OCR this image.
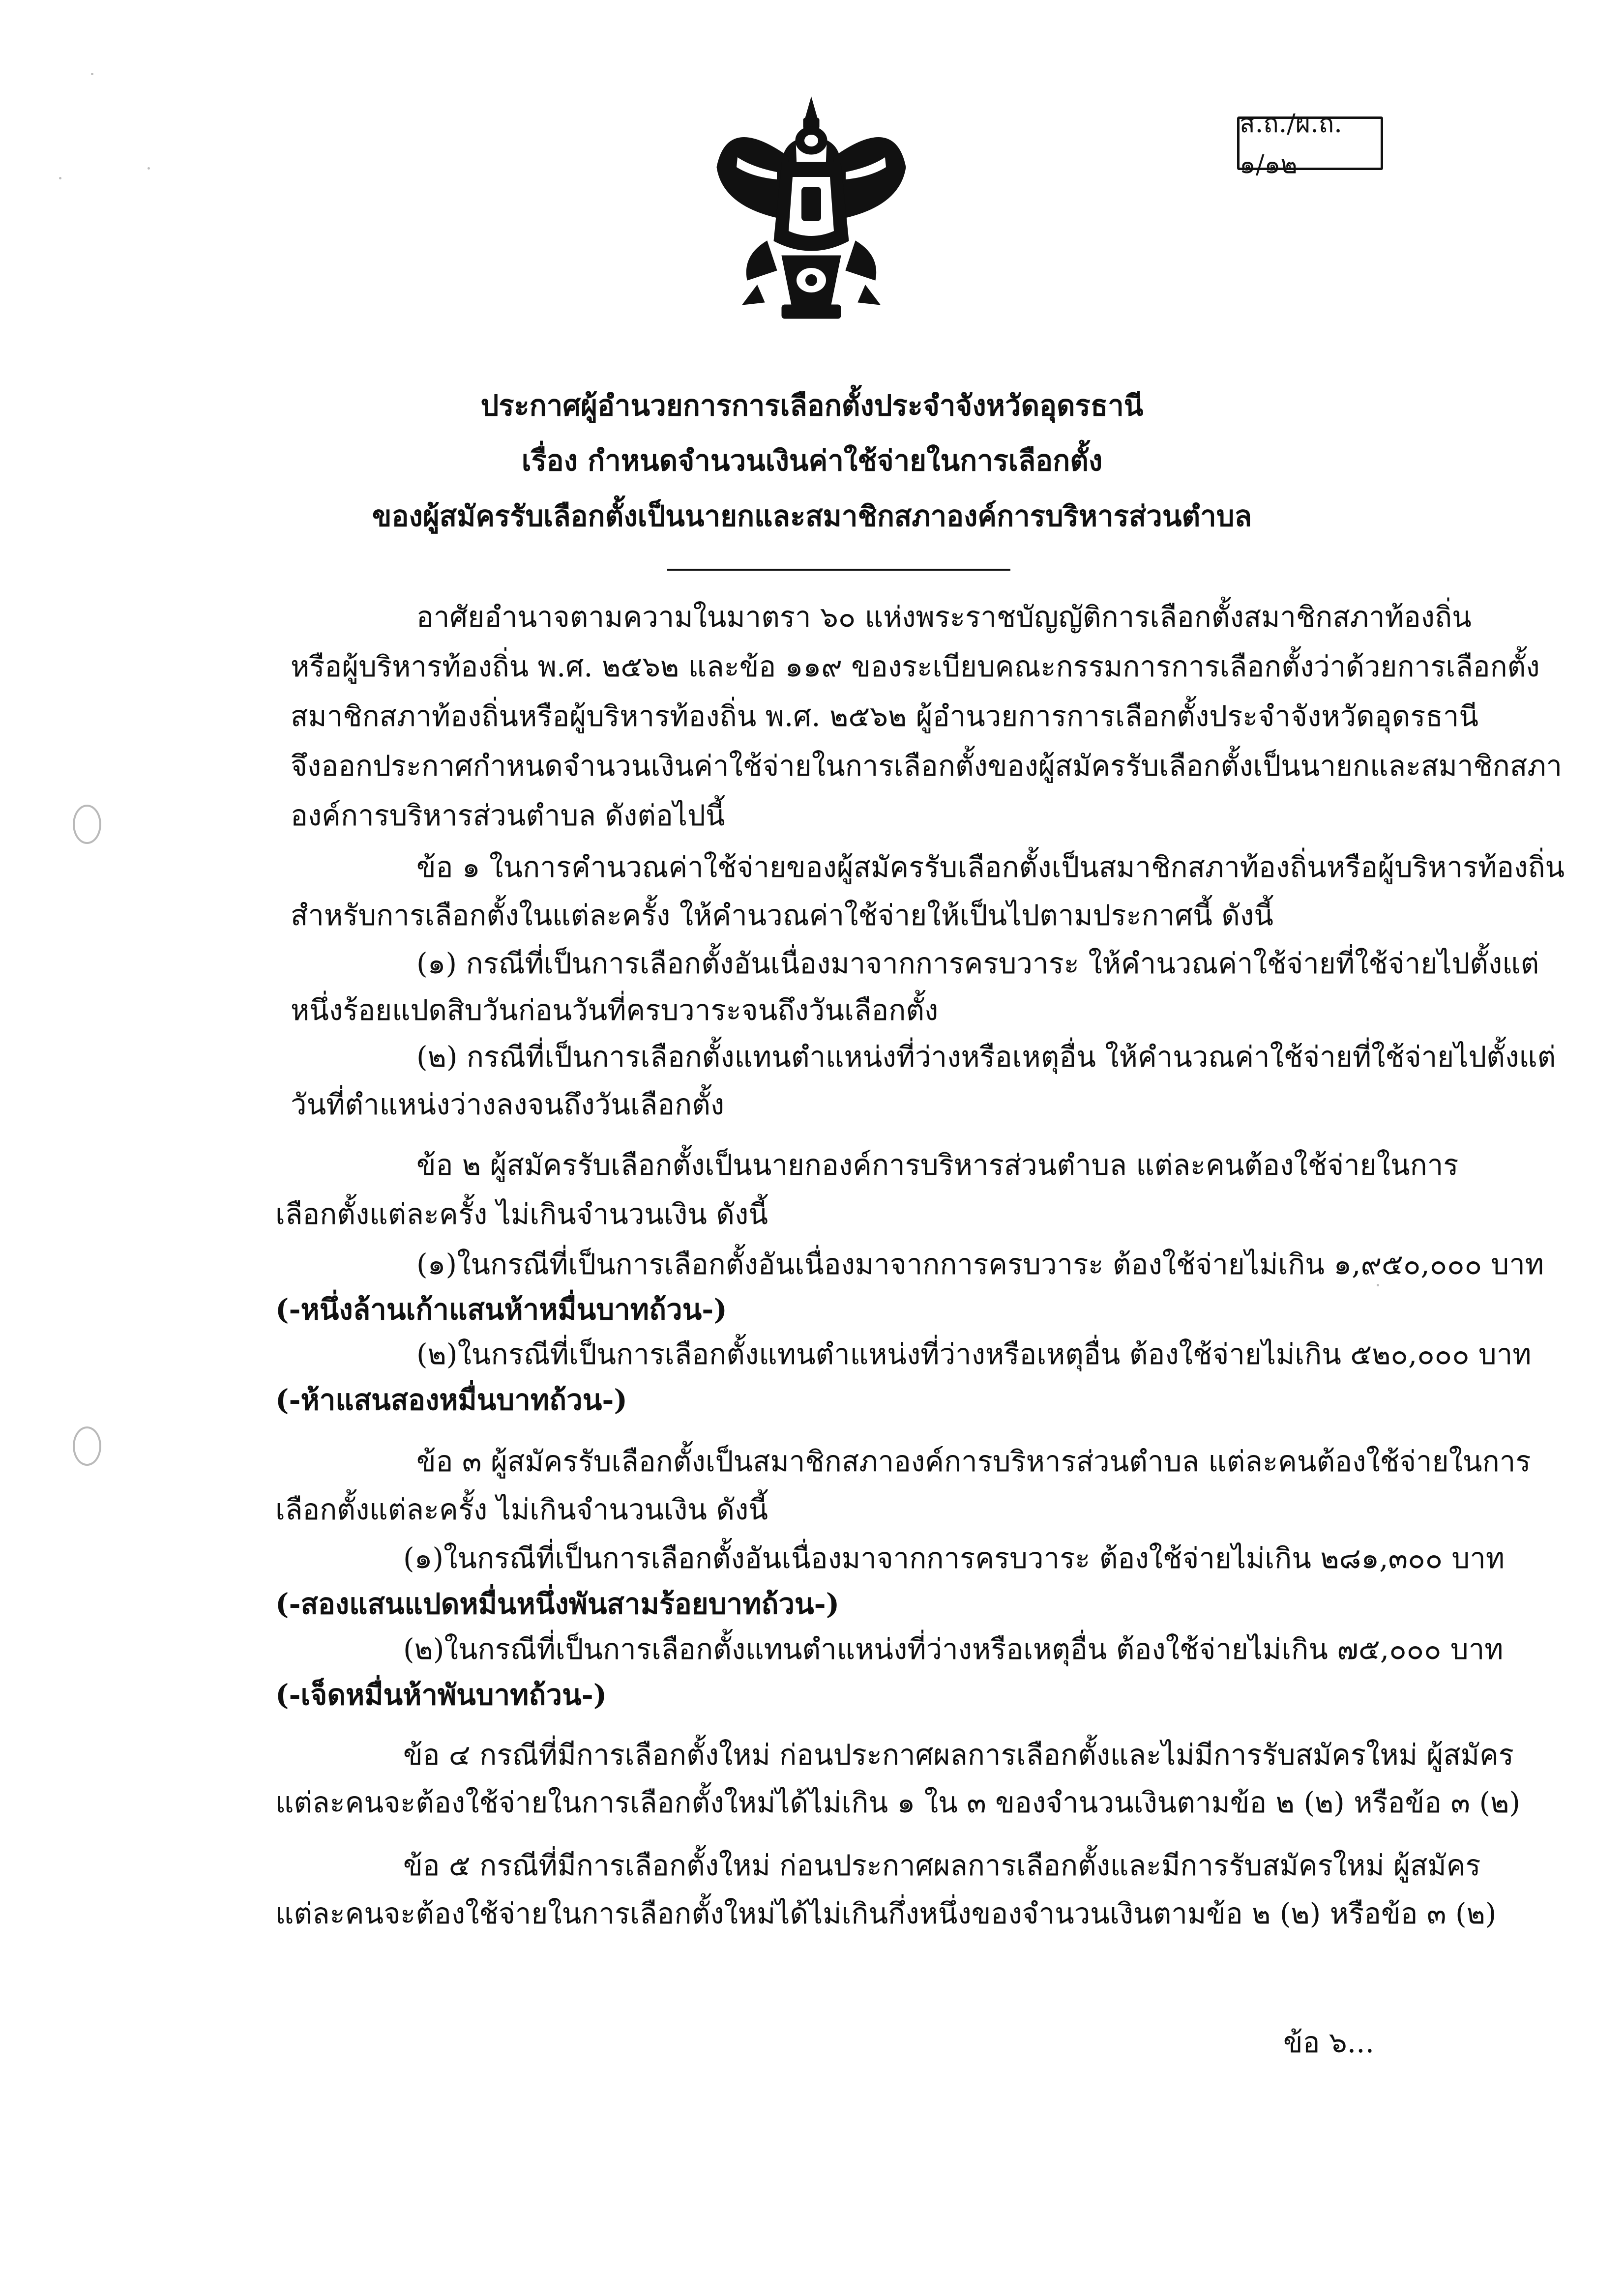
ส.ถ./ผ.ถ. ๑/๑๒
ประกาศผู้อำนวยการการเลือกตั้งประจำจังหวัดอุดรธานี
เรื่อง กำหนดจำนวนเงินค่าใช้จ่ายในการเลือกตั้ง
ของผู้สมัครรับเลือกตั้งเป็นนายกและสมาชิกสภาองค์การบริหารส่วนตำบล
อาศัยอำนาจตามความในมาตรา ๖๐ แห่งพระราชบัญญัติการเลือกตั้งสมาชิกสภาท้องถิ่น
หรือผู้บริหารท้องถิ่น พ.ศ. ๒๕๖๒ และข้อ ๑๑๙ ของระเบียบคณะกรรมการการเลือกตั้งว่าด้วยการเลือกตั้ง
สมาชิกสภาท้องถิ่นหรือผู้บริหารท้องถิ่น พ.ศ. ๒๕๖๒ ผู้อำนวยการการเลือกตั้งประจำจังหวัดอุดรธานี
จึงออกประกาศกำหนดจำนวนเงินค่าใช้จ่ายในการเลือกตั้งของผู้สมัครรับเลือกตั้งเป็นนายกและสมาชิกสภา
องค์การบริหารส่วนตำบล ดังต่อไปนี้
ข้อ ๑ ในการคำนวณค่าใช้จ่ายของผู้สมัครรับเลือกตั้งเป็นสมาชิกสภาท้องถิ่นหรือผู้บริหารท้องถิ่น
สำหรับการเลือกตั้งในแต่ละครั้ง ให้คำนวณค่าใช้จ่ายให้เป็นไปตามประกาศนี้ ดังนี้
(๑) กรณีที่เป็นการเลือกตั้งอันเนื่องมาจากการครบวาระ ให้คำนวณค่าใช้จ่ายที่ใช้จ่ายไปตั้งแต่
หนึ่งร้อยแปดสิบวันก่อนวันที่ครบวาระจนถึงวันเลือกตั้ง
(๒) กรณีที่เป็นการเลือกตั้งแทนตำแหน่งที่ว่างหรือเหตุอื่น ให้คำนวณค่าใช้จ่ายที่ใช้จ่ายไปตั้งแต่
วันที่ตำแหน่งว่างลงจนถึงวันเลือกตั้ง
ข้อ ๒ ผู้สมัครรับเลือกตั้งเป็นนายกองค์การบริหารส่วนตำบล แต่ละคนต้องใช้จ่ายในการ
เลือกตั้งแต่ละครั้ง ไม่เกินจำนวนเงิน ดังนี้
(๑)ในกรณีที่เป็นการเลือกตั้งอันเนื่องมาจากการครบวาระ ต้องใช้จ่ายไม่เกิน ๑,๙๕๐,๐๐๐ บาท
(-หนึ่งล้านเก้าแสนห้าหมื่นบาทถ้วน-)
(๒)ในกรณีที่เป็นการเลือกตั้งแทนตำแหน่งที่ว่างหรือเหตุอื่น ต้องใช้จ่ายไม่เกิน ๕๒๐,๐๐๐ บาท
(-ห้าแสนสองหมื่นบาทถ้วน-)
ข้อ ๓ ผู้สมัครรับเลือกตั้งเป็นสมาชิกสภาองค์การบริหารส่วนตำบล แต่ละคนต้องใช้จ่ายในการ
เลือกตั้งแต่ละครั้ง ไม่เกินจำนวนเงิน ดังนี้
(๑)ในกรณีที่เป็นการเลือกตั้งอันเนื่องมาจากการครบวาระ ต้องใช้จ่ายไม่เกิน ๒๘๑,๓๐๐ บาท
(-สองแสนแปดหมื่นหนึ่งพันสามร้อยบาทถ้วน-)
(๒)ในกรณีที่เป็นการเลือกตั้งแทนตำแหน่งที่ว่างหรือเหตุอื่น ต้องใช้จ่ายไม่เกิน ๗๕,๐๐๐ บาท
(-เจ็ดหมื่นห้าพันบาทถ้วน-)
ข้อ ๔ กรณีที่มีการเลือกตั้งใหม่ ก่อนประกาศผลการเลือกตั้งและไม่มีการรับสมัครใหม่ ผู้สมัคร
แต่ละคนจะต้องใช้จ่ายในการเลือกตั้งใหม่ได้ไม่เกิน ๑ ใน ๓ ของจำนวนเงินตามข้อ ๒ (๒) หรือข้อ ๓ (๒)
ข้อ ๕ กรณีที่มีการเลือกตั้งใหม่ ก่อนประกาศผลการเลือกตั้งและมีการรับสมัครใหม่ ผู้สมัคร
แต่ละคนจะต้องใช้จ่ายในการเลือกตั้งใหม่ได้ไม่เกินกึ่งหนึ่งของจำนวนเงินตามข้อ ๒ (๒) หรือข้อ ๓ (๒)
ข้อ ๖...
